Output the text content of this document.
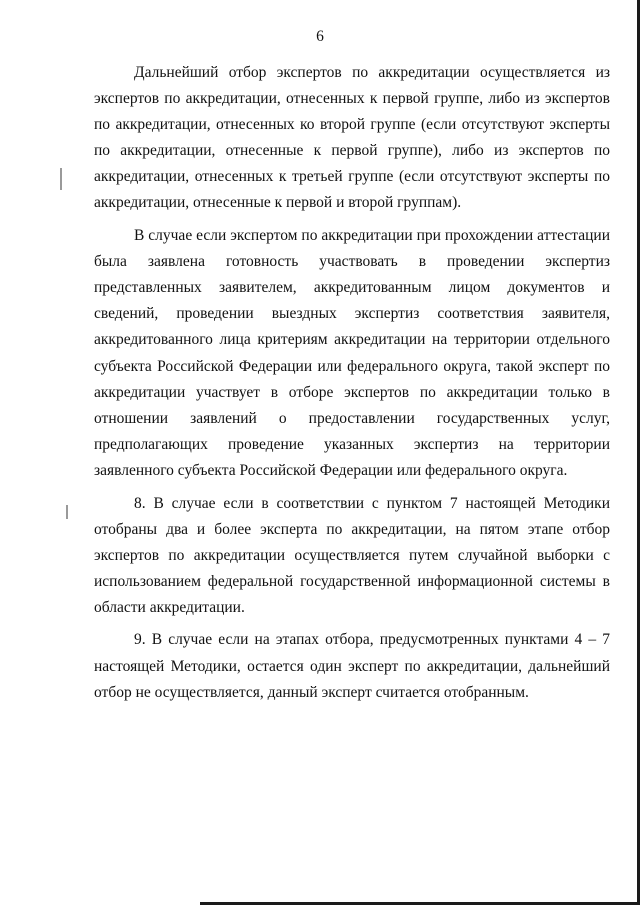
6

Дальнейший отбор экспертов по аккредитации осуществляется из экспертов по аккредитации, отнесенных к первой группе, либо из экспертов по аккредитации, отнесенных ко второй группе (если отсутствуют эксперты по аккредитации, отнесенные к первой группе), либо из экспертов по аккредитации, отнесенных к третьей группе (если отсутствуют эксперты по аккредитации, отнесенные к первой и второй группам).

В случае если экспертом по аккредитации при прохождении аттестации была заявлена готовность участвовать в проведении экспертиз представленных заявителем, аккредитованным лицом документов и сведений, проведении выездных экспертиз соответствия заявителя, аккредитованного лица критериям аккредитации на территории отдельного субъекта Российской Федерации или федерального округа, такой эксперт по аккредитации участвует в отборе экспертов по аккредитации только в отношении заявлений о предоставлении государственных услуг, предполагающих проведение указанных экспертиз на территории заявленного субъекта Российской Федерации или федерального округа.

8. В случае если в соответствии с пунктом 7 настоящей Методики отобраны два и более эксперта по аккредитации, на пятом этапе отбор экспертов по аккредитации осуществляется путем случайной выборки с использованием федеральной государственной информационной системы в области аккредитации.

9. В случае если на этапах отбора, предусмотренных пунктами 4 – 7 настоящей Методики, остается один эксперт по аккредитации, дальнейший отбор не осуществляется, данный эксперт считается отобранным.
